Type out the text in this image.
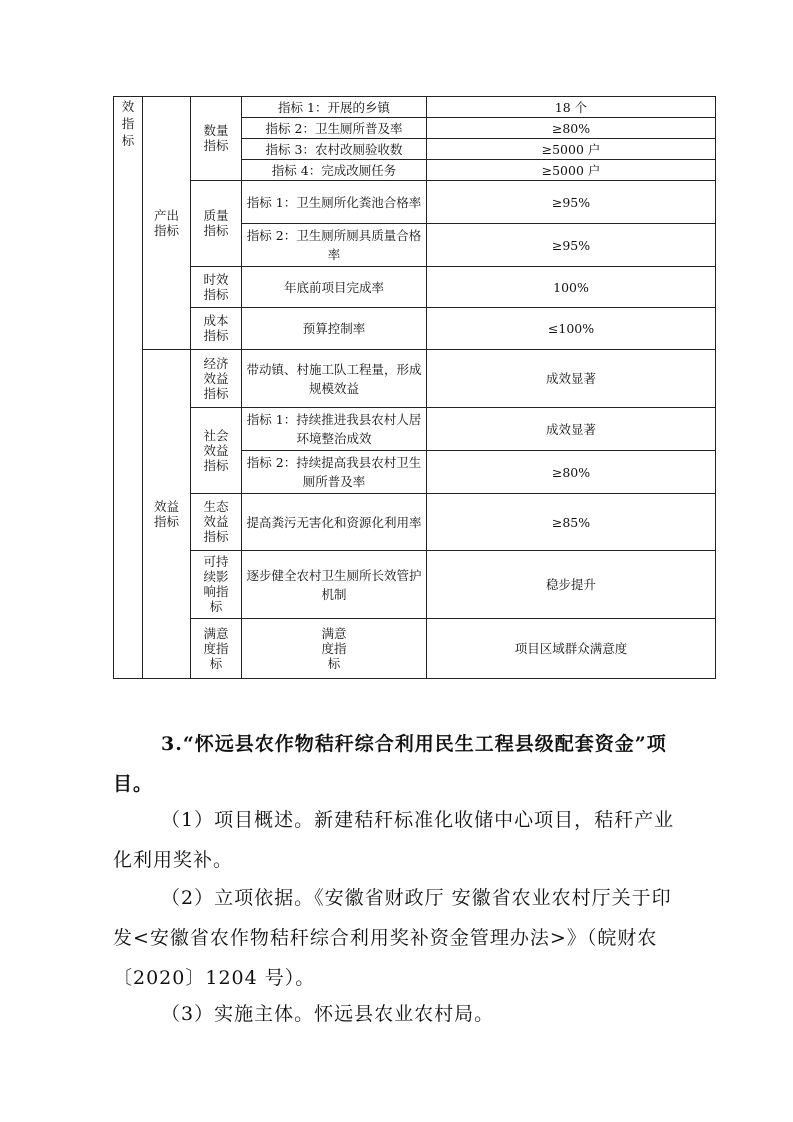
效指标	产出指标	数量指标	指标 1：开展的乡镇	18 个	
			指标 2：卫生厕所普及率	≥80%	
			指标 3：农村改厕验收数	≥5000 户	
			指标 4：完成改厕任务	≥5000 户	
		质量指标	指标 1：卫生厕所化粪池合格率	≥95%	
			指标 2：卫生厕所厕具质量合格率	≥95%	
		时效指标	年底前项目完成率	100%	
		成本指标	预算控制率	≤100%	
	效益指标	经济效益指标	带动镇、村施工队工程量，形成规模效益	成效显著	
		社会效益指标	指标 1：持续推进我县农村人居环境整治成效	成效显著	
			指标 2：持续提高我县农村卫生厕所普及率	≥80%	
		生态效益指标	提高粪污无害化和资源化利用率	≥85%	
		可持续影响指标	逐步健全农村卫生厕所长效管护机制	稳步提升	
		满意度指标	满意度指标	项目区域群众满意度	
3.“怀远县农作物秸秆综合利用民生工程县级配套资金”项目。
（1）项目概述。新建秸秆标准化收储中心项目，秸秆产业化利用奖补。
（2）立项依据。《安徽省财政厅 安徽省农业农村厅关于印发<安徽省农作物秸秆综合利用奖补资金管理办法>》（皖财农〔2020〕1204 号）。
（3）实施主体。怀远县农业农村局。
